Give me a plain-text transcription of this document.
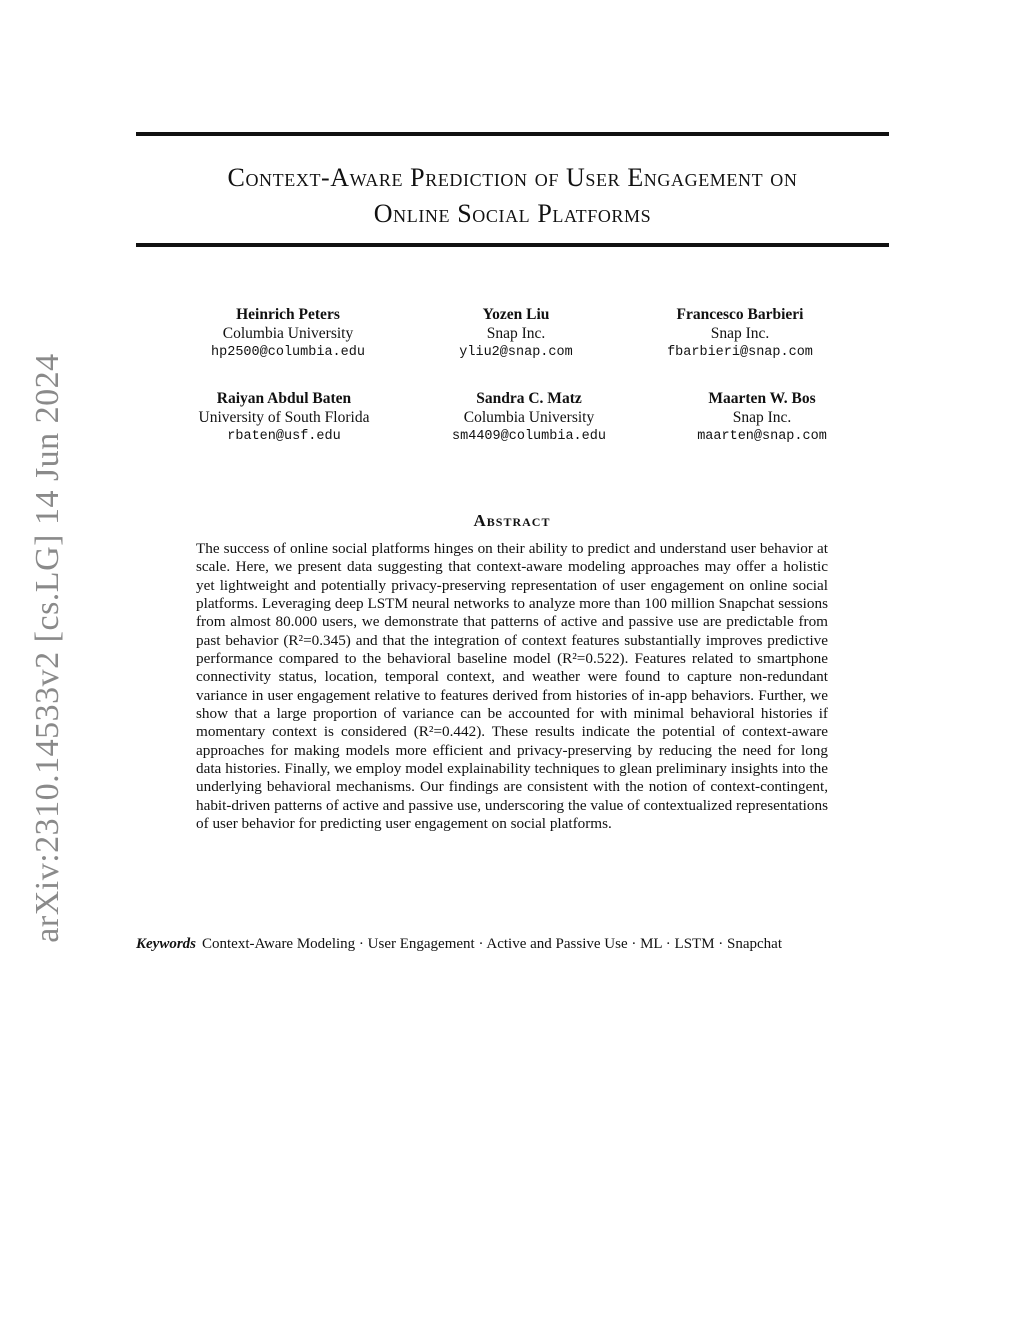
arXiv:2310.14533v2 [cs.LG] 14 Jun 2024
Context-Aware Prediction of User Engagement on
Online Social Platforms
Heinrich Peters
Columbia University
hp2500@columbia.edu
Yozen Liu
Snap Inc.
yliu2@snap.com
Francesco Barbieri
Snap Inc.
fbarbieri@snap.com
Raiyan Abdul Baten
University of South Florida
rbaten@usf.edu
Sandra C. Matz
Columbia University
sm4409@columbia.edu
Maarten W. Bos
Snap Inc.
maarten@snap.com
Abstract
The success of online social platforms hinges on their ability to predict and understand user behavior at scale. Here, we present data suggesting that context-aware modeling approaches may offer a holistic yet lightweight and potentially privacy-preserving representation of user engagement on online social platforms. Leveraging deep LSTM neural networks to analyze more than 100 million Snapchat sessions from almost 80.000 users, we demonstrate that patterns of active and passive use are predictable from past behavior (R²=0.345) and that the integration of context features substantially improves predictive performance compared to the behavioral baseline model (R²=0.522). Features related to smartphone connectivity status, location, temporal context, and weather were found to capture non-redundant variance in user engagement relative to features derived from histories of in-app behaviors. Further, we show that a large proportion of variance can be accounted for with minimal behavioral histories if momentary context is considered (R²=0.442). These results indicate the potential of context-aware approaches for making models more efficient and privacy-preserving by reducing the need for long data histories. Finally, we employ model explainability techniques to glean preliminary insights into the underlying behavioral mechanisms. Our findings are consistent with the notion of context-contingent, habit-driven patterns of active and passive use, underscoring the value of contextualized representations of user behavior for predicting user engagement on social platforms.
Keywords Context-Aware Modeling · User Engagement · Active and Passive Use · ML · LSTM · Snapchat
